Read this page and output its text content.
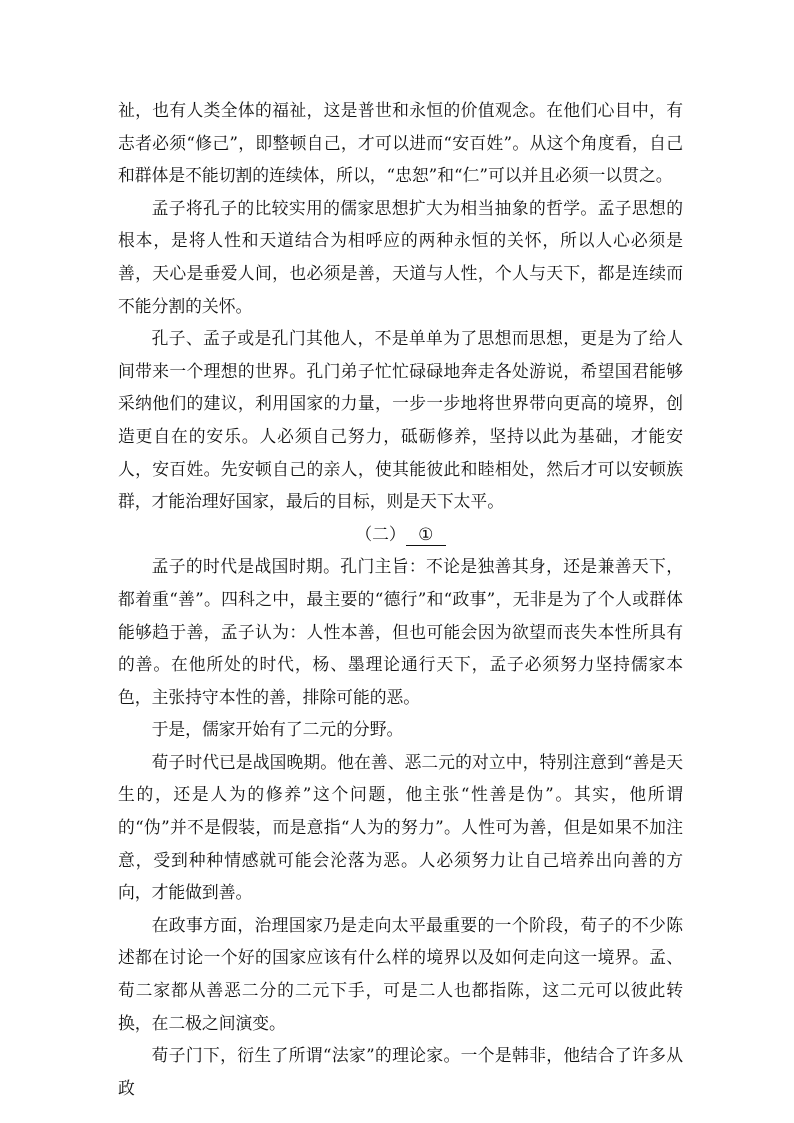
祉，也有人类全体的福祉，这是普世和永恒的价值观念。在他们心目中，有志者必须“修己”，即整顿自己，才可以进而“安百姓”。从这个角度看，自己和群体是不能切割的连续体，所以，“忠恕”和“仁”可以并且必须一以贯之。

孟子将孔子的比较实用的儒家思想扩大为相当抽象的哲学。孟子思想的根本，是将人性和天道结合为相呼应的两种永恒的关怀，所以人心必须是善，天心是垂爱人间，也必须是善，天道与人性，个人与天下，都是连续而不能分割的关怀。

孔子、孟子或是孔门其他人，不是单单为了思想而思想，更是为了给人间带来一个理想的世界。孔门弟子忙忙碌碌地奔走各处游说，希望国君能够采纳他们的建议，利用国家的力量，一步一步地将世界带向更高的境界，创造更自在的安乐。人必须自己努力，砥砺修养，坚持以此为基础，才能安人，安百姓。先安顿自己的亲人，使其能彼此和睦相处，然后才可以安顿族群，才能治理好国家，最后的目标，则是天下太平。

（二） ①

孟子的时代是战国时期。孔门主旨：不论是独善其身，还是兼善天下，都着重“善”。四科之中，最主要的“德行”和“政事”，无非是为了个人或群体能够趋于善，孟子认为：人性本善，但也可能会因为欲望而丧失本性所具有的善。在他所处的时代，杨、墨理论通行天下，孟子必须努力坚持儒家本色，主张持守本性的善，排除可能的恶。

于是，儒家开始有了二元的分野。

荀子时代已是战国晚期。他在善、恶二元的对立中，特别注意到“善是天生的，还是人为的修养”这个问题，他主张“性善是伪”。其实，他所谓的“伪”并不是假装，而是意指“人为的努力”。人性可为善，但是如果不加注意，受到种种情感就可能会沦落为恶。人必须努力让自己培养出向善的方向，才能做到善。

在政事方面，治理国家乃是走向太平最重要的一个阶段，荀子的不少陈述都在讨论一个好的国家应该有什么样的境界以及如何走向这一境界。孟、荀二家都从善恶二分的二元下手，可是二人也都指陈，这二元可以彼此转换，在二极之间演变。

荀子门下，衍生了所谓“法家”的理论家。一个是韩非，他结合了许多从政
